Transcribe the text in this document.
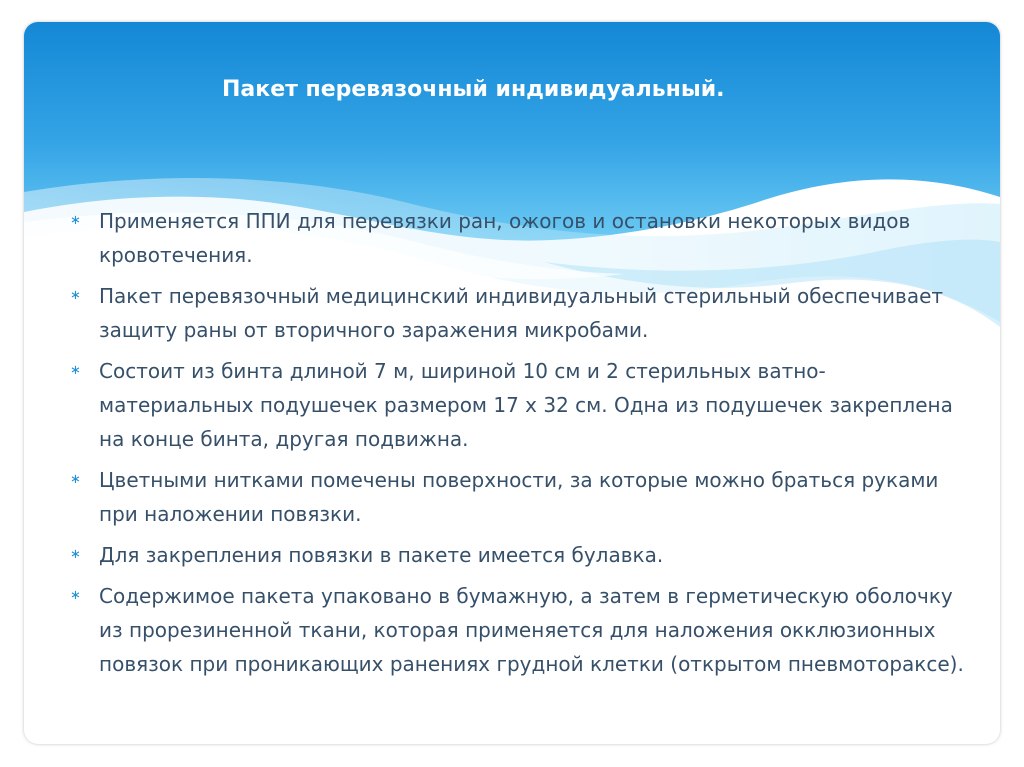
Пакет перевязочный индивидуальный.
∗ Применяется ППИ для перевязки ран, ожогов и остановки некоторых видов кровотечения.
∗ Пакет перевязочный медицинский индивидуальный стерильный обеспечивает защиту раны от вторичного заражения микробами.
∗ Состоит из бинта длиной 7 м, шириной 10 см и 2 стерильных ватно-материальных подушечек размером 17 х 32 см. Одна из подушечек закреплена на конце бинта, другая подвижна.
∗ Цветными нитками помечены поверхности, за которые можно браться руками при наложении повязки.
∗ Для закрепления повязки в пакете имеется булавка.
∗ Содержимое пакета упаковано в бумажную, а затем в герметическую оболочку из прорезиненной ткани, которая применяется для наложения окклюзионных повязок при проникающих ранениях грудной клетки (открытом пневмотораксе).
